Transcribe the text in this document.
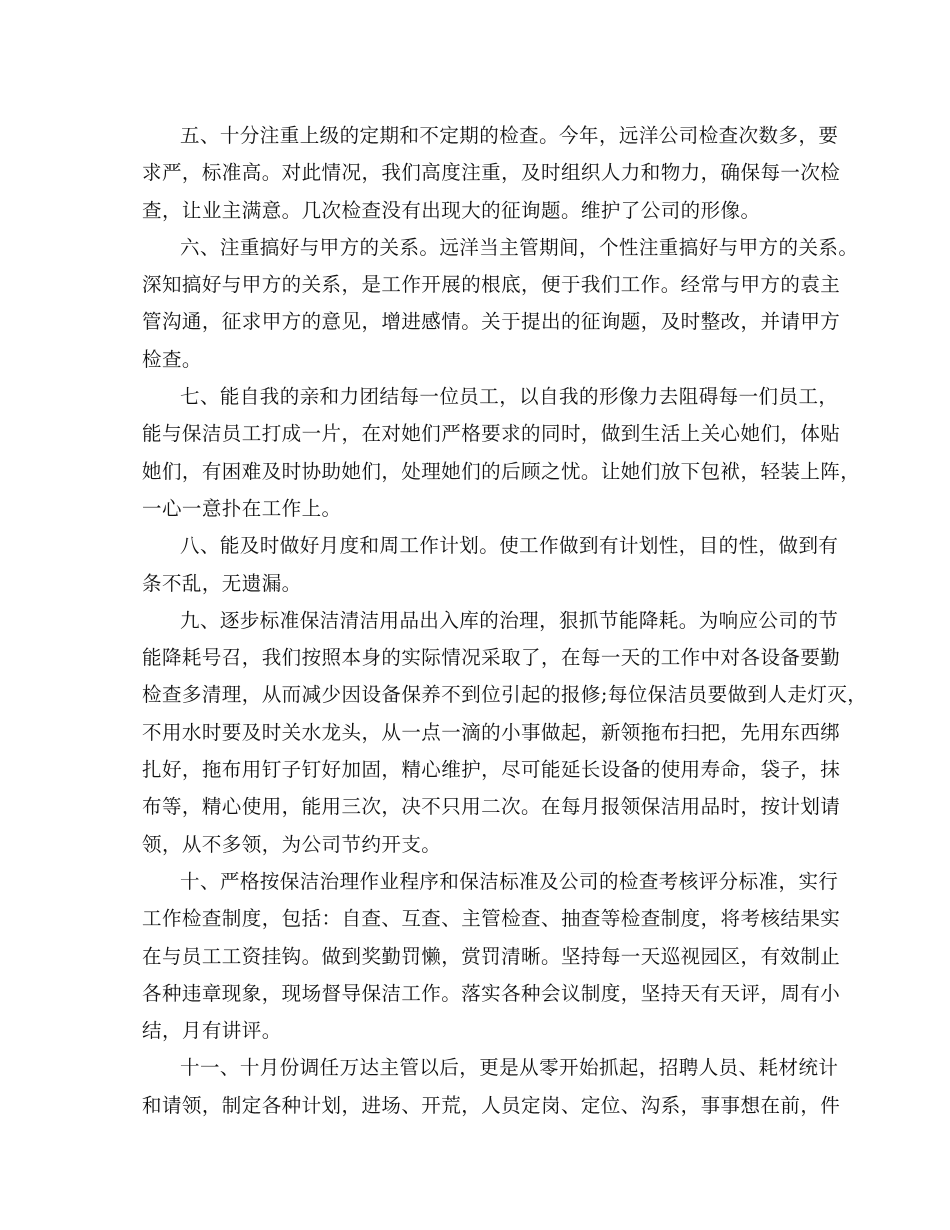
五、十分注重上级的定期和不定期的检查。今年，远洋公司检查次数多，要
求严，标准高。对此情况，我们高度注重，及时组织人力和物力，确保每一次检
查，让业主满意。几次检查没有出现大的征询题。维护了公司的形像。
六、注重搞好与甲方的关系。远洋当主管期间，个性注重搞好与甲方的关系。
深知搞好与甲方的关系，是工作开展的根底，便于我们工作。经常与甲方的袁主
管沟通，征求甲方的意见，增进感情。关于提出的征询题，及时整改，并请甲方
检查。
七、能自我的亲和力团结每一位员工，以自我的形像力去阻碍每一们员工，
能与保洁员工打成一片，在对她们严格要求的同时，做到生活上关心她们，体贴
她们，有困难及时协助她们，处理她们的后顾之忧。让她们放下包袱，轻装上阵，
一心一意扑在工作上。
八、能及时做好月度和周工作计划。使工作做到有计划性，目的性，做到有
条不乱，无遗漏。
九、逐步标准保洁清洁用品出入库的治理，狠抓节能降耗。为响应公司的节
能降耗号召，我们按照本身的实际情况采取了，在每一天的工作中对各设备要勤
检查多清理，从而减少因设备保养不到位引起的报修;每位保洁员要做到人走灯灭，
不用水时要及时关水龙头，从一点一滴的小事做起，新领拖布扫把，先用东西绑
扎好，拖布用钉子钉好加固，精心维护，尽可能延长设备的使用寿命，袋子，抹
布等，精心使用，能用三次，决不只用二次。在每月报领保洁用品时，按计划请
领，从不多领，为公司节约开支。
十、严格按保洁治理作业程序和保洁标准及公司的检查考核评分标准，实行
工作检查制度，包括：自查、互查、主管检查、抽查等检查制度，将考核结果实
在与员工工资挂钩。做到奖勤罚懒，赏罚清晰。坚持每一天巡视园区，有效制止
各种违章现象，现场督导保洁工作。落实各种会议制度，坚持天有天评，周有小
结，月有讲评。
十一、十月份调任万达主管以后，更是从零开始抓起，招聘人员、耗材统计
和请领，制定各种计划，进场、开荒，人员定岗、定位、沟系，事事想在前，件
